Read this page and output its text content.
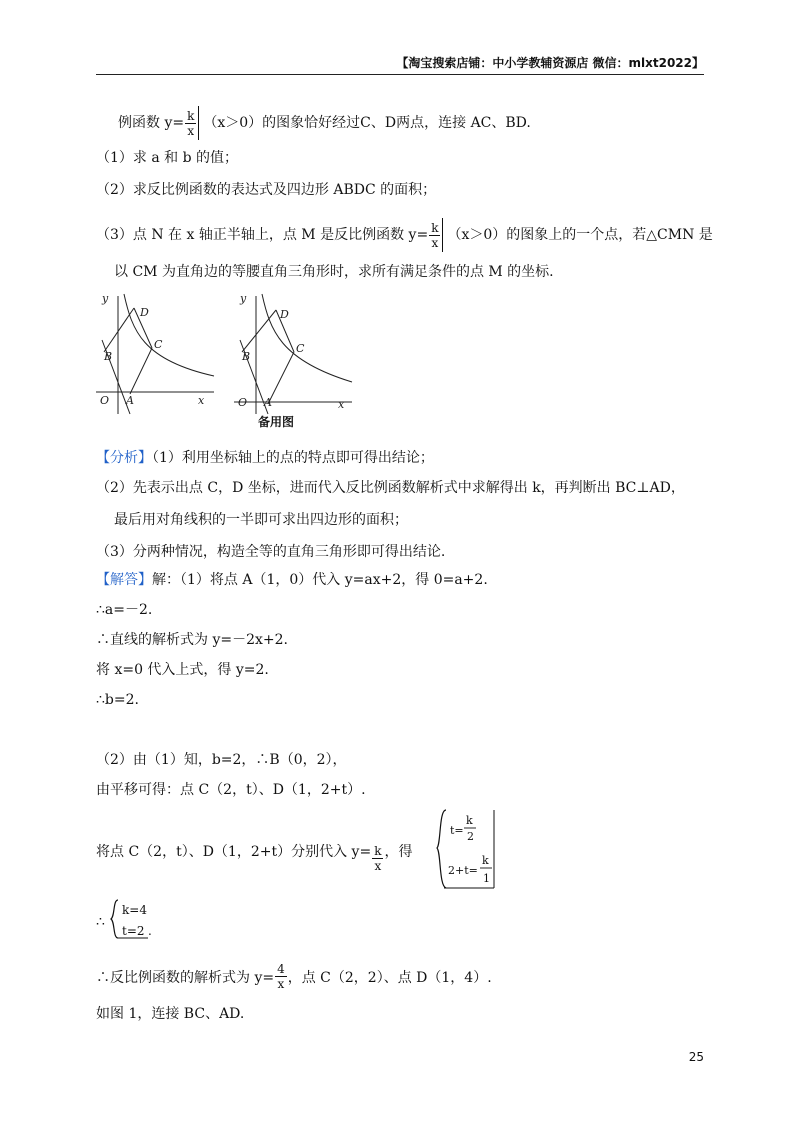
【淘宝搜索店铺：中小学教辅资源店 微信：mlxt2022】
例函数 $y= \frac{k}{x} (x>0)$的图象恰好经过C、D两点，连接 AC、BD.
（1）求 a 和 b 的值；
（2）求反比例函数的表达式及四边形 ABDC 的面积；
（3）点 N 在 x 轴正半轴上，点 M 是反比例函数 $y= \frac{k}{x} (x>0)$的图象上的一个点，若△CMN 是
以 CM 为直角边的等腰直角三角形时，求所有满足条件的点 M 的坐标.
y
x
O A
B
C
D
y
x
O A
B
C
D
备用图
【分析】（1）利用坐标轴上的点的特点即可得出结论；
（2）先表示出点 C，D 坐标，进而代入反比例函数解析式中求解得出 k，再判断出 BC⊥AD，
最后用对角线积的一半即可求出四边形的面积；
（3）分两种情况，构造全等的直角三角形即可得出结论.
【解答】解：（1）将点 A（1，0）代入 y=ax+2，得 0=a+2.
∴a=－2.
∴直线的解析式为 y=－2x+2.
将 x=0 代入上式，得 y=2.
∴b=2.
（2）由（1）知，b=2，∴B（0，2），
由平移可得：点 C（2，t）、D（1，2+t）.
将点 C（2，t）、D（1，2+t）分别代入 $y= \frac{k}{x}$ ，得
t=
k
2
2+t=
k
1
∴
k=4
t=2 .
∴反比例函数的解析式为 $y= \frac{4}{x}$ ，点 C（2，2）、点 D（1，4）.
如图 1，连接 BC、AD.
25
